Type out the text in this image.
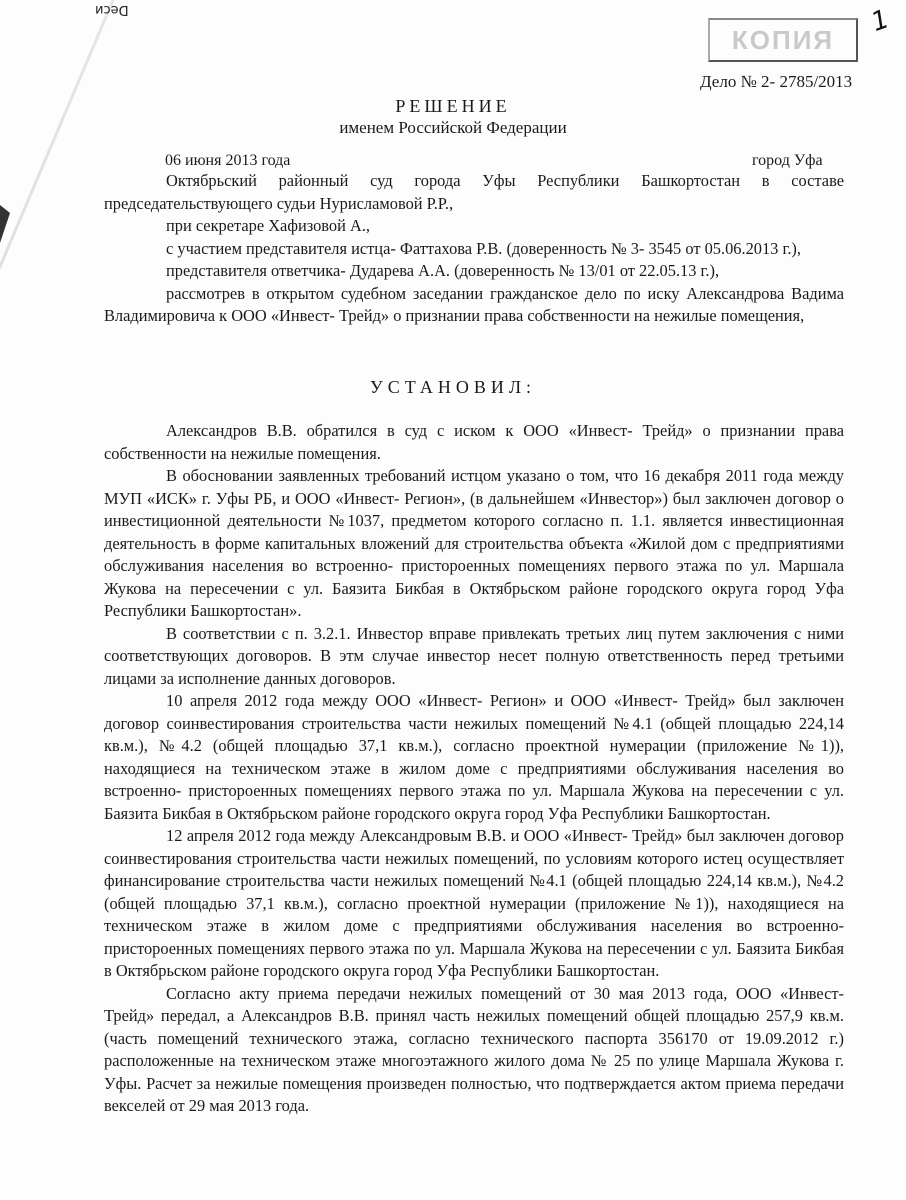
Dеси
КОПИЯ
1
Дело № 2- 2785/2013
РЕШЕНИЕ
именем Российской Федерации
06 июня 2013 года	город Уфа

Октябрьский районный суд города Уфы Республики Башкортостан в составе председательствующего судьи Нурисламовой Р.Р.,

при секретаре Хафизовой А.,

с участием представителя истца- Фаттахова Р.В. (доверенность № 3- 3545 от 05.06.2013 г.),

представителя ответчика- Дударева А.А. (доверенность № 13/01 от 22.05.13 г.),

рассмотрев в открытом судебном заседании гражданское дело по иску Александрова Вадима Владимировича к ООО «Инвест- Трейд» о признании права собственности на нежилые помещения,

УСТАНОВИЛ:

Александров В.В. обратился в суд с иском к ООО «Инвест- Трейд» о признании права собственности на нежилые помещения.

В обосновании заявленных требований истцом указано о том, что 16 декабря 2011 года между МУП «ИСК» г. Уфы РБ, и ООО «Инвест- Регион», (в дальнейшем «Инвестор») был заключен договор о инвестиционной деятельности №1037, предметом которого согласно п. 1.1. является инвестиционная деятельность в форме капитальных вложений для строительства объекта «Жилой дом с предприятиями обслуживания населения во встроенно- пристороенных помещениях первого этажа по ул. Маршала Жукова на пересечении с ул. Баязита Бикбая в Октябрьском районе городского округа город Уфа Республики Башкортостан».

В соответствии с п. 3.2.1. Инвестор вправе привлекать третьих лиц путем заключения с ними соответствующих договоров. В этм случае инвестор несет полную ответственность перед третьими лицами за исполнение данных договоров.

10 апреля 2012 года между ООО «Инвест- Регион» и ООО «Инвест- Трейд» был заключен договор соинвестирования строительства части нежилых помещений №4.1 (общей площадью 224,14 кв.м.), №4.2 (общей площадью 37,1 кв.м.), согласно проектной нумерации (приложение №1)), находящиеся на техническом этаже в жилом доме с предприятиями обслуживания населения во встроенно- пристороенных помещениях первого этажа по ул. Маршала Жукова на пересечении с ул. Баязита Бикбая в Октябрьском районе городского округа город Уфа Республики Башкортостан.

12 апреля 2012 года между Александровым В.В. и ООО «Инвест- Трейд» был заключен договор соинвестирования строительства части нежилых помещений, по условиям которого истец осуществляет финансирование строительства части нежилых помещений №4.1 (общей площадью 224,14 кв.м.), №4.2 (общей площадью 37,1 кв.м.), согласно проектной нумерации (приложение №1)), находящиеся на техническом этаже в жилом доме с предприятиями обслуживания населения во встроенно- пристороенных помещениях первого этажа по ул. Маршала Жукова на пересечении с ул. Баязита Бикбая в Октябрьском районе городского округа город Уфа Республики Башкортостан.

Согласно акту приема передачи нежилых помещений от 30 мая 2013 года, ООО «Инвест- Трейд» передал, а Александров В.В. принял часть нежилых помещений общей площадью 257,9 кв.м. (часть помещений технического этажа, согласно технического паспорта 356170 от 19.09.2012 г.) расположенные на техническом этаже многоэтажного жилого дома № 25 по улице Маршала Жукова г. Уфы. Расчет за нежилые помещения произведен полностью, что подтверждается актом приема передачи векселей от 29 мая 2013 года.
